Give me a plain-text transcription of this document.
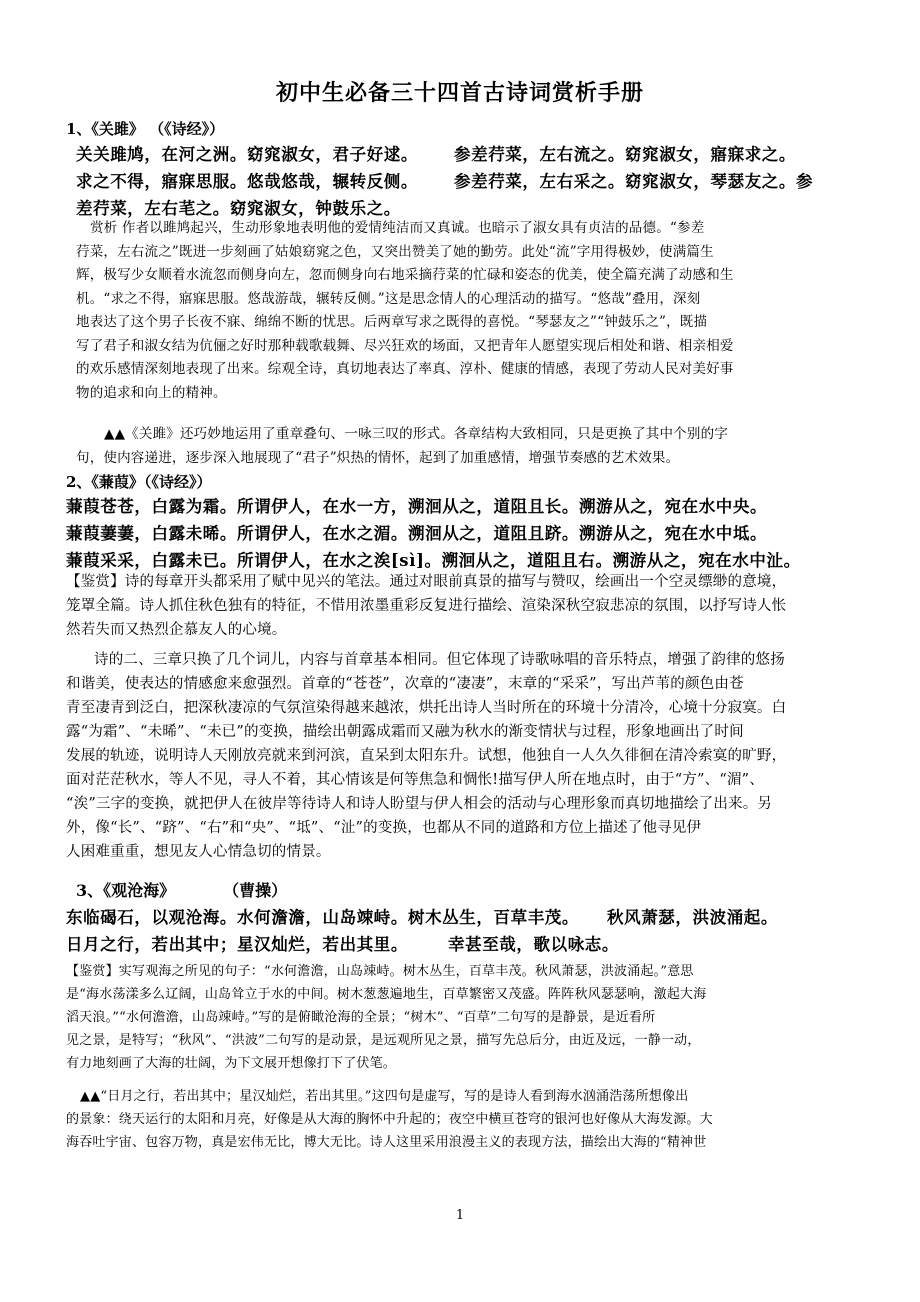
初中生必备三十四首古诗词赏析手册
1、《关雎》 （《诗经》）
关关雎鸠，在河之洲。窈窕淑女，君子好逑。 参差荇菜，左右流之。窈窕淑女，寤寐求之。
求之不得，寤寐思服。悠哉悠哉，辗转反侧。 参差荇菜，左右采之。窈窕淑女，琴瑟友之。参
差荇菜，左右芼之。窈窕淑女，钟鼓乐之。
赏析 作者以雎鸠起兴，生动形象地表明他的爱情纯洁而又真诚。也暗示了淑女具有贞洁的品德。“参差
荇菜，左右流之”既进一步刻画了姑娘窈窕之色，又突出赞美了她的勤劳。此处“流”字用得极妙，使满篇生
辉，极写少女顺着水流忽而侧身向左，忽而侧身向右地采摘荇菜的忙碌和姿态的优美，使全篇充满了动感和生
机。“求之不得，寤寐思服。悠哉游哉，辗转反侧。”这是思念情人的心理活动的描写。“悠哉”叠用，深刻
地表达了这个男子长夜不寐、绵绵不断的忧思。后两章写求之既得的喜悦。“琴瑟友之”“钟鼓乐之”，既描
写了君子和淑女结为伉俪之好时那种载歌载舞、尽兴狂欢的场面，又把青年人愿望实现后相处和谐、相亲相爱
的欢乐感情深刻地表现了出来。综观全诗，真切地表达了率真、淳朴、健康的情感，表现了劳动人民对美好事
物的追求和向上的精神。
▲▲《关雎》还巧妙地运用了重章叠句、一咏三叹的形式。各章结构大致相同，只是更换了其中个别的字
句，使内容递进，逐步深入地展现了“君子”炽热的情怀，起到了加重感情，增强节奏感的艺术效果。
2、《蒹葭》（《诗经》）
蒹葭苍苍，白露为霜。所谓伊人，在水一方，溯洄从之，道阻且长。溯游从之，宛在水中央。
蒹葭萋萋，白露未晞。所谓伊人，在水之湄。溯洄从之，道阻且跻。溯游从之，宛在水中坻。
蒹葭采采，白露未已。所谓伊人，在水之涘[sì]。溯洄从之，道阻且右。溯游从之，宛在水中沚。
【鉴赏】诗的每章开头都采用了赋中见兴的笔法。通过对眼前真景的描写与赞叹，绘画出一个空灵缥缈的意境，
笼罩全篇。诗人抓住秋色独有的特征，不惜用浓墨重彩反复进行描绘、渲染深秋空寂悲凉的氛围，以抒写诗人怅
然若失而又热烈企慕友人的心境。
诗的二、三章只换了几个词儿，内容与首章基本相同。但它体现了诗歌咏唱的音乐特点，增强了韵律的悠扬
和谐美，使表达的情感愈来愈强烈。首章的“苍苍”，次章的“凄凄”，末章的“采采”，写出芦苇的颜色由苍
青至凄青到泛白，把深秋凄凉的气氛渲染得越来越浓，烘托出诗人当时所在的环境十分清冷，心境十分寂寞。白
露“为霜”、“未晞”、“未已”的变换，描绘出朝露成霜而又融为秋水的渐变情状与过程，形象地画出了时间
发展的轨迹，说明诗人天刚放亮就来到河滨，直呆到太阳东升。试想，他独自一人久久徘徊在清冷索寞的旷野，
面对茫茫秋水，等人不见，寻人不着，其心情该是何等焦急和惆怅!描写伊人所在地点时，由于“方”、“湄”、
“涘”三字的变换，就把伊人在彼岸等待诗人和诗人盼望与伊人相会的活动与心理形象而真切地描绘了出来。另
外，像“长”、“跻”、“右”和“央”、“坻”、“沚”的变换，也都从不同的道路和方位上描述了他寻见伊
人困难重重，想见友人心情急切的情景。
3、《观沧海》	（曹操）
东临碣石，以观沧海。水何澹澹，山岛竦峙。树木丛生，百草丰茂。 秋风萧瑟，洪波涌起。
日月之行，若出其中；星汉灿烂，若出其里。 幸甚至哉，歌以咏志。
【鉴赏】实写观海之所见的句子：“水何澹澹，山岛竦峙。树木丛生，百草丰茂。秋风萧瑟，洪波涌起。”意思
是“海水荡漾多么辽阔，山岛耸立于水的中间。树木葱葱遍地生，百草繁密又茂盛。阵阵秋风瑟瑟响，激起大海
滔天浪。”“水何澹澹，山岛竦峙。”写的是俯瞰沧海的全景；“树木”、“百草”二句写的是静景，是近看所
见之景，是特写；“秋风”、“洪波”二句写的是动景，是远观所见之景，描写先总后分，由近及远，一静一动，
有力地刻画了大海的壮阔，为下文展开想像打下了伏笔。
▲▲“日月之行，若出其中；星汉灿烂，若出其里。”这四句是虚写，写的是诗人看到海水汹涌浩荡所想像出
的景象：绕天运行的太阳和月亮，好像是从大海的胸怀中升起的；夜空中横亘苍穹的银河也好像从大海发源。大
海吞吐宇宙、包容万物，真是宏伟无比，博大无比。诗人这里采用浪漫主义的表现方法，描绘出大海的“精神世
1
